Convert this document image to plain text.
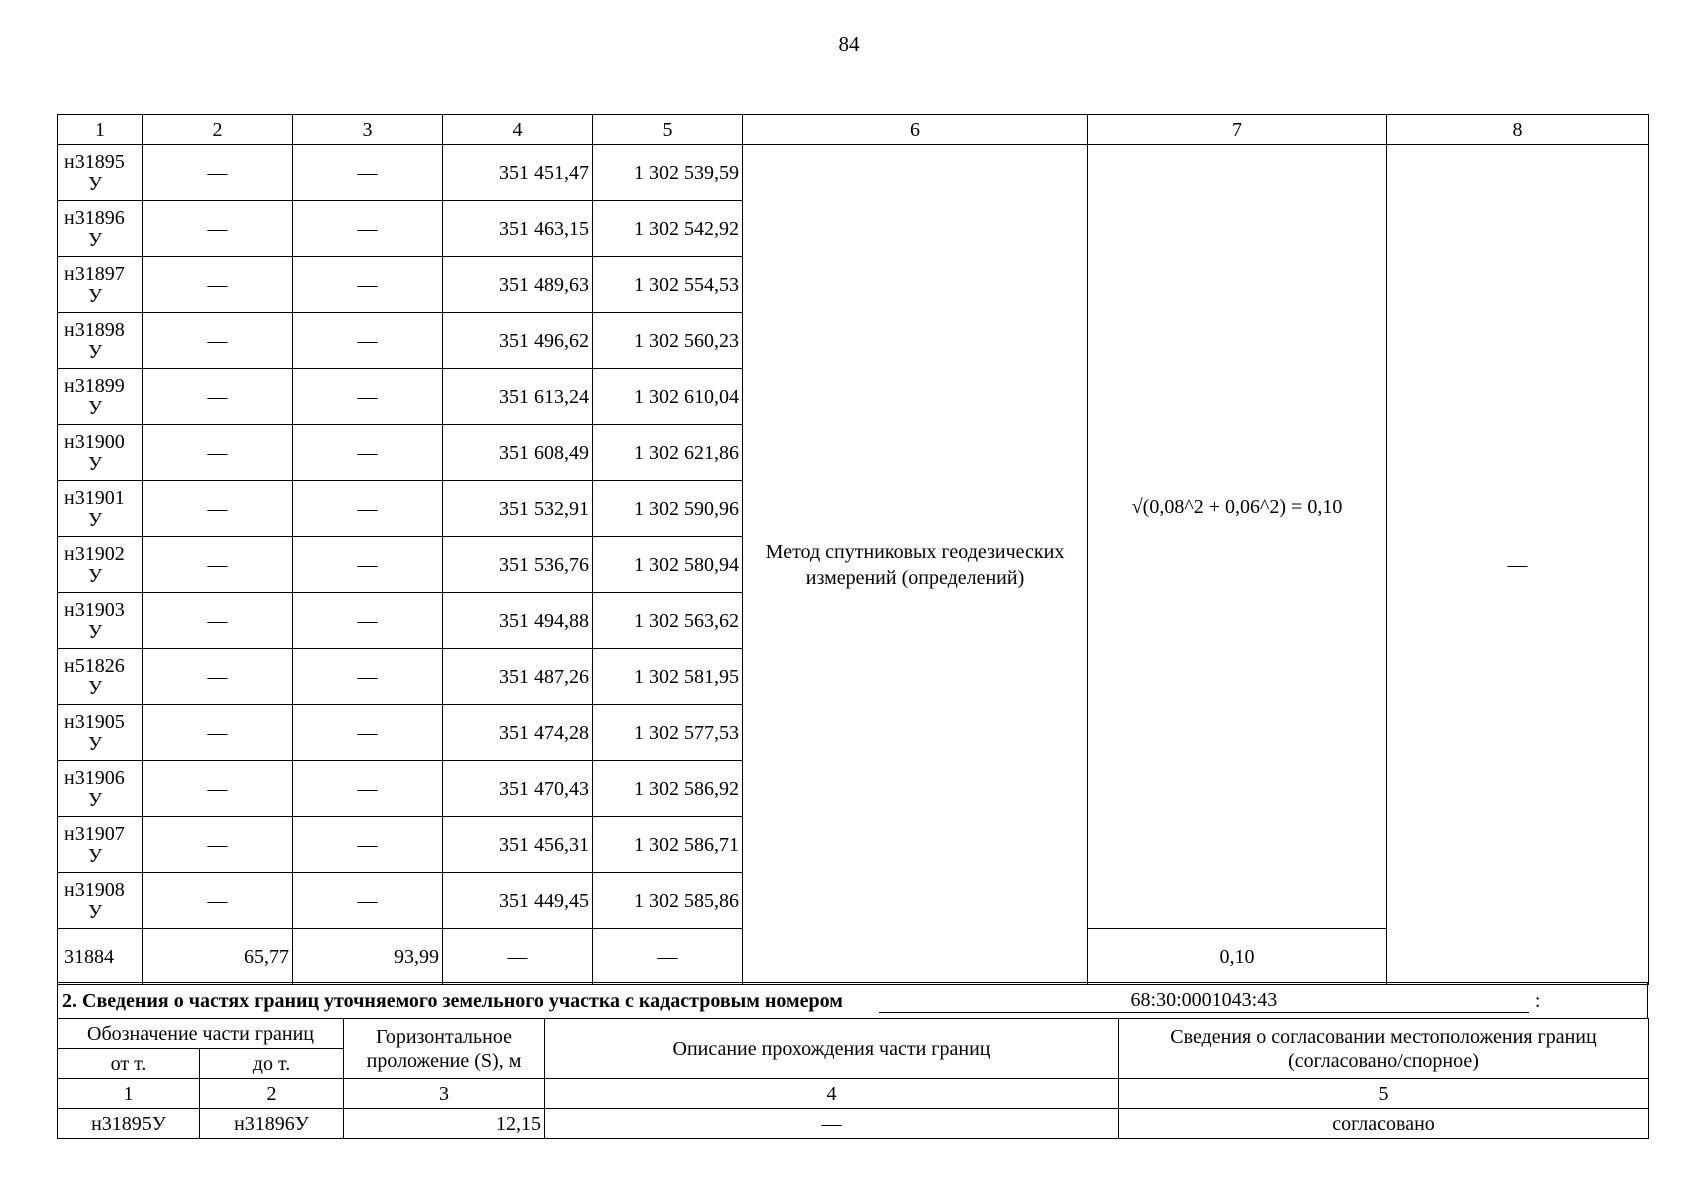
84
1	2	3	4	5	6	7	8

н31895
У	—	—	351 451,47	1 302 539,59	Метод спутниковых геодезических измерений (определений)	√(0,08^2 + 0,06^2) = 0,10	—

н31896
У	—	—	351 463,15	1 302 542,92			

н31897
У	—	—	351 489,63	1 302 554,53			

н31898
У	—	—	351 496,62	1 302 560,23			

н31899
У	—	—	351 613,24	1 302 610,04			

н31900
У	—	—	351 608,49	1 302 621,86			

н31901
У	—	—	351 532,91	1 302 590,96			

н31902
У	—	—	351 536,76	1 302 580,94			

н31903
У	—	—	351 494,88	1 302 563,62			

н51826
У	—	—	351 487,26	1 302 581,95			

н31905
У	—	—	351 474,28	1 302 577,53			

н31906
У	—	—	351 470,43	1 302 586,92			

н31907
У	—	—	351 456,31	1 302 586,71			

н31908
У	—	—	351 449,45	1 302 585,86			
31884	65,77	93,99	—	—		0,10	
2. Сведения о частях границ уточняемого земельного участка с кадастровым номером	68:30:0001043:43	:
Обозначение части границ		Горизонтальное проложение (S), м	Описание прохождения части границ	Сведения о согласовании местоположения границ (согласовано/спорное)
от т.	до т.			
1	2	3	4	5
н31895У	н31896У	12,15	—	согласовано
